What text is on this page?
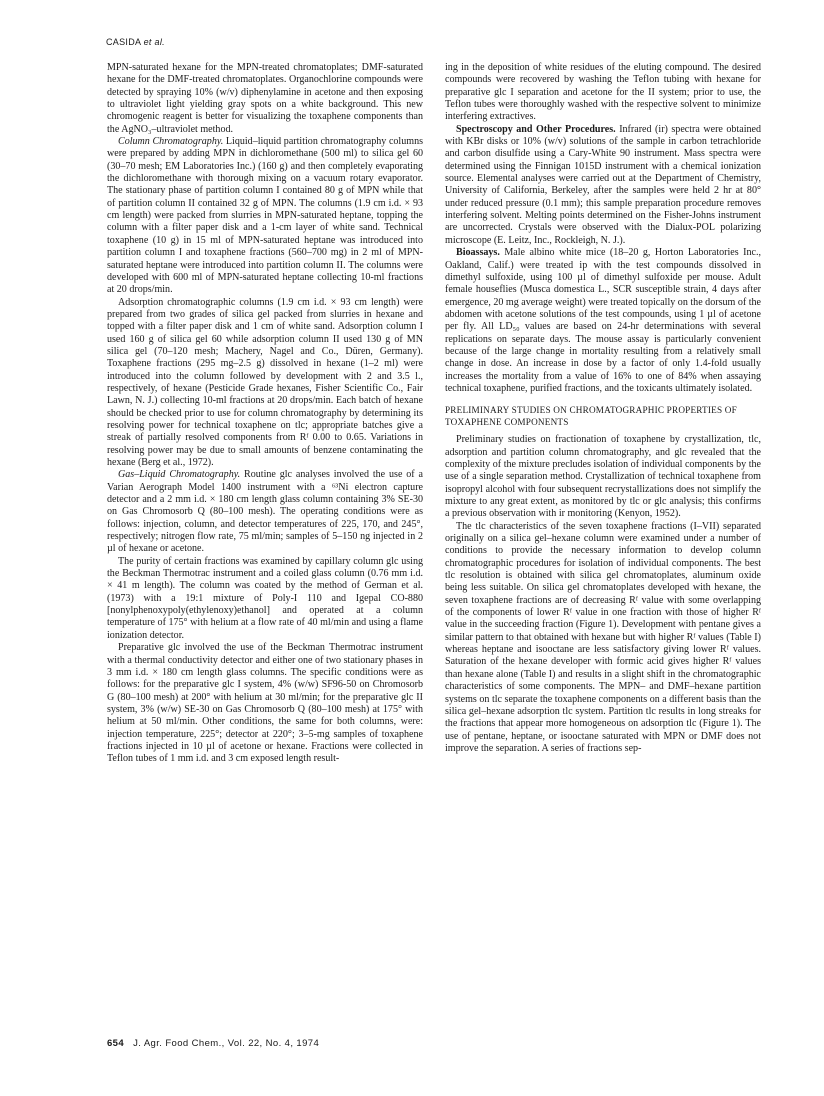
CASIDA et al.

MPN-saturated hexane for the MPN-treated chromatoplates; DMF-saturated hexane for the DMF-treated chromatoplates. Organochlorine compounds were detected by spraying 10% (w/v) diphenylamine in acetone and then exposing to ultraviolet light yielding gray spots on a white background. This new chromogenic reagent is better for visualizing the toxaphene components than the AgNO₃–ultraviolet method.

Column Chromatography. Liquid–liquid partition chromatography columns were prepared by adding MPN in dichloromethane (500 ml) to silica gel 60 (30–70 mesh; EM Laboratories Inc.) (160 g) and then completely evaporating the dichloromethane with thorough mixing on a vacuum rotary evaporator. The stationary phase of partition column I contained 80 g of MPN while that of partition column II contained 32 g of MPN. The columns (1.9 cm i.d. × 93 cm length) were packed from slurries in MPN-saturated heptane, topping the column with a filter paper disk and a 1-cm layer of white sand. Technical toxaphene (10 g) in 15 ml of MPN-saturated heptane was introduced into partition column I and toxaphene fractions (560–700 mg) in 2 ml of MPN-saturated heptane were introduced into partition column II. The columns were developed with 600 ml of MPN-saturated heptane collecting 10-ml fractions at 20 drops/min.

Adsorption chromatographic columns (1.9 cm i.d. × 93 cm length) were prepared from two grades of silica gel packed from slurries in hexane and topped with a filter paper disk and 1 cm of white sand. Adsorption column I used 160 g of silica gel 60 while adsorption column II used 130 g of MN silica gel (70–120 mesh; Machery, Nagel and Co., Düren, Germany). Toxaphene fractions (295 mg–2.5 g) dissolved in hexane (1–2 ml) were introduced into the column followed by development with 2 and 3.5 l., respectively, of hexane (Pesticide Grade hexanes, Fisher Scientific Co., Fair Lawn, N. J.) collecting 10-ml fractions at 20 drops/min. Each batch of hexane should be checked prior to use for column chromatography by determining its resolving power for technical toxaphene on tlc; appropriate batches give a streak of partially resolved components from Rᶠ 0.00 to 0.65. Variations in resolving power may be due to small amounts of benzene contaminating the hexane (Berg et al., 1972).

Gas–Liquid Chromatography. Routine glc analyses involved the use of a Varian Aerograph Model 1400 instrument with a ⁶³Ni electron capture detector and a 2 mm i.d. × 180 cm length glass column containing 3% SE-30 on Gas Chromosorb Q (80–100 mesh). The operating conditions were as follows: injection, column, and detector temperatures of 225, 170, and 245°, respectively; nitrogen flow rate, 75 ml/min; samples of 5–150 ng injected in 2 µl of hexane or acetone.

The purity of certain fractions was examined by capillary column glc using the Beckman Thermotrac instrument and a coiled glass column (0.76 mm i.d. × 41 m length). The column was coated by the method of German et al. (1973) with a 19:1 mixture of Poly-I 110 and Igepal CO-880 [nonylphenoxypoly(ethylenoxy)ethanol] and operated at a column temperature of 175° with helium at a flow rate of 40 ml/min and using a flame ionization detector.

Preparative glc involved the use of the Beckman Thermotrac instrument with a thermal conductivity detector and either one of two stationary phases in 3 mm i.d. × 180 cm length glass columns. The specific conditions were as follows: for the preparative glc I system, 4% (w/w) SF96-50 on Chromosorb G (80–100 mesh) at 200° with helium at 30 ml/min; for the preparative glc II system, 3% (w/w) SE-30 on Gas Chromosorb Q (80–100 mesh) at 175° with helium at 50 ml/min. Other conditions, the same for both columns, were: injection temperature, 225°; detector at 220°; 3–5-mg samples of toxaphene fractions injected in 10 µl of acetone or hexane. Fractions were collected in Teflon tubes of 1 mm i.d. and 3 cm exposed length result-

ing in the deposition of white residues of the eluting compound. The desired compounds were recovered by washing the Teflon tubing with hexane for preparative glc I separation and acetone for the II system; prior to use, the Teflon tubes were thoroughly washed with the respective solvent to minimize interfering extractives.

Spectroscopy and Other Procedures. Infrared (ir) spectra were obtained with KBr disks or 10% (w/v) solutions of the sample in carbon tetrachloride and carbon disulfide using a Cary-White 90 instrument. Mass spectra were determined using the Finnigan 1015D instrument with a chemical ionization source. Elemental analyses were carried out at the Department of Chemistry, University of California, Berkeley, after the samples were held 2 hr at 80° under reduced pressure (0.1 mm); this sample preparation procedure removes interfering solvent. Melting points determined on the Fisher-Johns instrument are uncorrected. Crystals were observed with the Dialux-POL polarizing microscope (E. Leitz, Inc., Rockleigh, N. J.).

Bioassays. Male albino white mice (18–20 g, Horton Laboratories Inc., Oakland, Calif.) were treated ip with the test compounds dissolved in dimethyl sulfoxide, using 100 µl of dimethyl sulfoxide per mouse. Adult female houseflies (Musca domestica L., SCR susceptible strain, 4 days after emergence, 20 mg average weight) were treated topically on the dorsum of the abdomen with acetone solutions of the test compounds, using 1 µl of acetone per fly. All LD₅₀ values are based on 24-hr determinations with several replications on separate days. The mouse assay is particularly convenient because of the large change in mortality resulting from a relatively small change in dose. An increase in dose by a factor of only 1.4-fold usually increases the mortality from a value of 16% to one of 84% when assaying technical toxaphene, purified fractions, and the toxicants ultimately isolated.

PRELIMINARY STUDIES ON CHROMATOGRAPHIC PROPERTIES OF TOXAPHENE COMPONENTS

Preliminary studies on fractionation of toxaphene by crystallization, tlc, adsorption and partition column chromatography, and glc revealed that the complexity of the mixture precludes isolation of individual components by the use of a single separation method. Crystallization of technical toxaphene from isopropyl alcohol with four subsequent recrystallizations does not simplify the mixture to any great extent, as monitored by tlc or glc analysis; this confirms a previous observation with ir monitoring (Kenyon, 1952).

The tlc characteristics of the seven toxaphene fractions (I–VII) separated originally on a silica gel–hexane column were examined under a number of conditions to provide the necessary information to develop column chromatographic procedures for isolation of individual components. The best tlc resolution is obtained with silica gel chromatoplates, aluminum oxide being less suitable. On silica gel chromatoplates developed with hexane, the seven toxaphene fractions are of decreasing Rᶠ value with some overlapping of the components of lower Rᶠ value in one fraction with those of higher Rᶠ value in the succeeding fraction (Figure 1). Development with pentane gives a similar pattern to that obtained with hexane but with higher Rᶠ values (Table I) whereas heptane and isooctane are less satisfactory giving lower Rᶠ values. Saturation of the hexane developer with formic acid gives higher Rᶠ values than hexane alone (Table I) and results in a slight shift in the chromatographic characteristics of some components. The MPN– and DMF–hexane partition systems on tlc separate the toxaphene components on a different basis than the silica gel–hexane adsorption tlc system. Partition tlc results in long streaks for the fractions that appear more homogeneous on adsorption tlc (Figure 1). The use of pentane, heptane, or isooctane saturated with MPN or DMF does not improve the separation. A series of fractions sep-

654 J. Agr. Food Chem., Vol. 22, No. 4, 1974
